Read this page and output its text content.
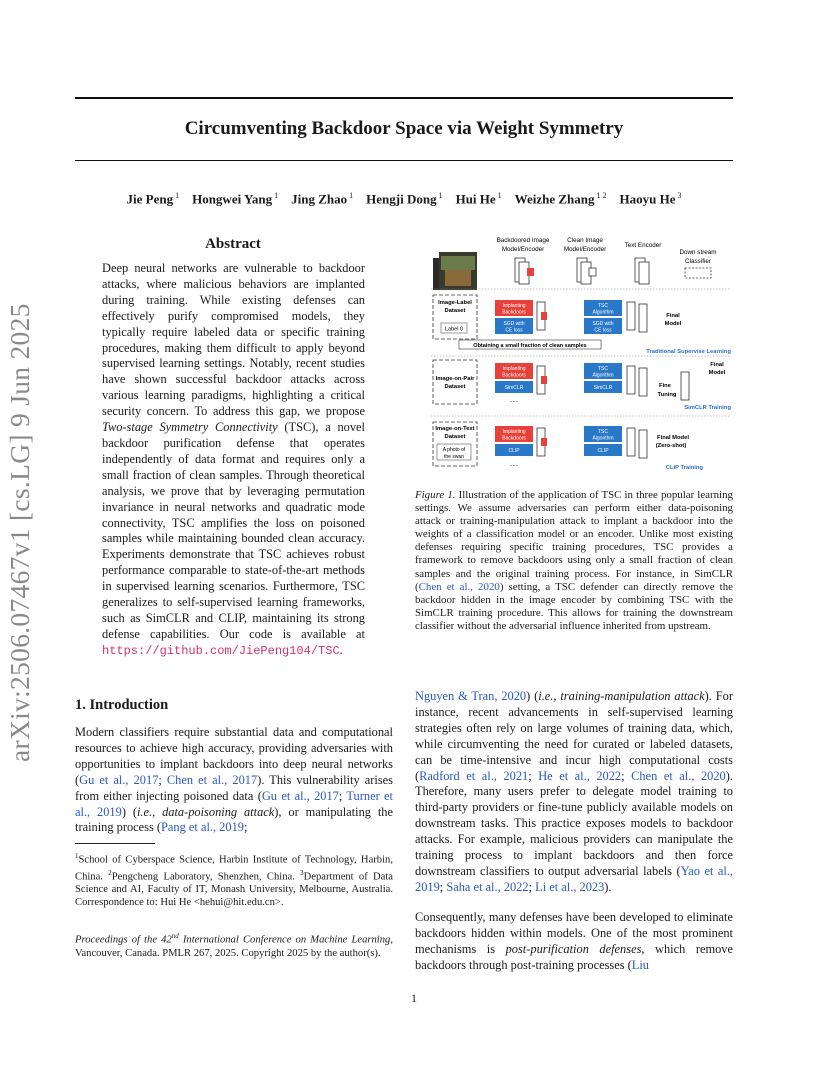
arXiv:2506.07467v1 [cs.LG] 9 Jun 2025
Circumventing Backdoor Space via Weight Symmetry
Jie Peng $^1$   Hongwei Yang $^1$   Jing Zhao $^1$   Hengji Dong $^1$   Hui He $^1$   Weizhe Zhang $^{1 2}$   Haoyu He $^3$
Abstract
Deep neural networks are vulnerable to backdoor attacks, where malicious behaviors are implanted during training. While existing defenses can effectively purify compromised models, they typically require labeled data or specific training procedures, making them difficult to apply beyond supervised learning settings. Notably, recent studies have shown successful backdoor attacks across various learning paradigms, highlighting a critical security concern. To address this gap, we propose Two-stage Symmetry Connectivity (TSC), a novel backdoor purification defense that operates independently of data format and requires only a small fraction of clean samples. Through theoretical analysis, we prove that by leveraging permutation invariance in neural networks and quadratic mode connectivity, TSC amplifies the loss on poisoned samples while maintaining bounded clean accuracy. Experiments demonstrate that TSC achieves robust performance comparable to state-of-the-art methods in supervised learning scenarios. Furthermore, TSC generalizes to self-supervised learning frameworks, such as SimCLR and CLIP, maintaining its strong defense capabilities. Our code is available at https://github.com/JiePeng104/TSC.
1. Introduction
Modern classifiers require substantial data and computational resources to achieve high accuracy, providing adversaries with opportunities to implant backdoors into deep neural networks (Gu et al., 2017; Chen et al., 2017). This vulnerability arises from either injecting poisoned data (Gu et al., 2017; Turner et al., 2019) (i.e., data-poisoning attack), or manipulating the training process (Pang et al., 2019;
$^1$School of Cyberspace Science, Harbin Institute of Technology, Harbin, China. $^2$Pengcheng Laboratory, Shenzhen, China. $^3$Department of Data Science and AI, Faculty of IT, Monash University, Melbourne, Australia. Correspondence to: Hui He <hehui@hit.edu.cn>.
Proceedings of the 42nd International Conference on Machine Learning, Vancouver, Canada. PMLR 267, 2025. Copyright 2025 by the author(s).
Backdoored Image
Model/Encoder
Clean Image
Model/Encoder
Text Encoder
Down stream
Classifier
Image-Label
Dataset
Label 0
Implanting
Backdoors
SGD with
CE loss
TSC
Algorithm
SGD with
CE loss
Final
Model
Obtaining a small fraction of clean samples
Traditional Supervise Learning
Image-on-Pair
Dataset
Implanting
Backdoors
SimCLR
......
TSC
Algorithm
SimCLR	Fine
Tuning
Final
Model
SimCLR Training
Image-on-Text
Dataset
A photo of
the swan
Implanting
Backdoors
CLIP
......
TSC
Algorithm
CLIP
Final Model
(Zero-shot)
CLIP Training
Figure 1. Illustration of the application of TSC in three popular learning settings. We assume adversaries can perform either data-poisoning attack or training-manipulation attack to implant a backdoor into the weights of a classification model or an encoder. Unlike most existing defenses requiring specific training procedures, TSC provides a framework to remove backdoors using only a small fraction of clean samples and the original training process. For instance, in SimCLR (Chen et al., 2020) setting, a TSC defender can directly remove the backdoor hidden in the image encoder by combining TSC with the SimCLR training procedure. This allows for training the downstream classifier without the adversarial influence inherited from upstream.
Nguyen & Tran, 2020) (i.e., training-manipulation attack). For instance, recent advancements in self-supervised learning strategies often rely on large volumes of training data, which, while circumventing the need for curated or labeled datasets, can be time-intensive and incur high computational costs (Radford et al., 2021; He et al., 2022; Chen et al., 2020). Therefore, many users prefer to delegate model training to third-party providers or fine-tune publicly available models on downstream tasks. This practice exposes models to backdoor attacks. For example, malicious providers can manipulate the training process to implant backdoors and then force downstream classifiers to output adversarial labels (Yao et al., 2019; Saha et al., 2022; Li et al., 2023).
Consequently, many defenses have been developed to eliminate backdoors hidden within models. One of the most prominent mechanisms is post-purification defenses, which remove backdoors through post-training processes (Liu
1
